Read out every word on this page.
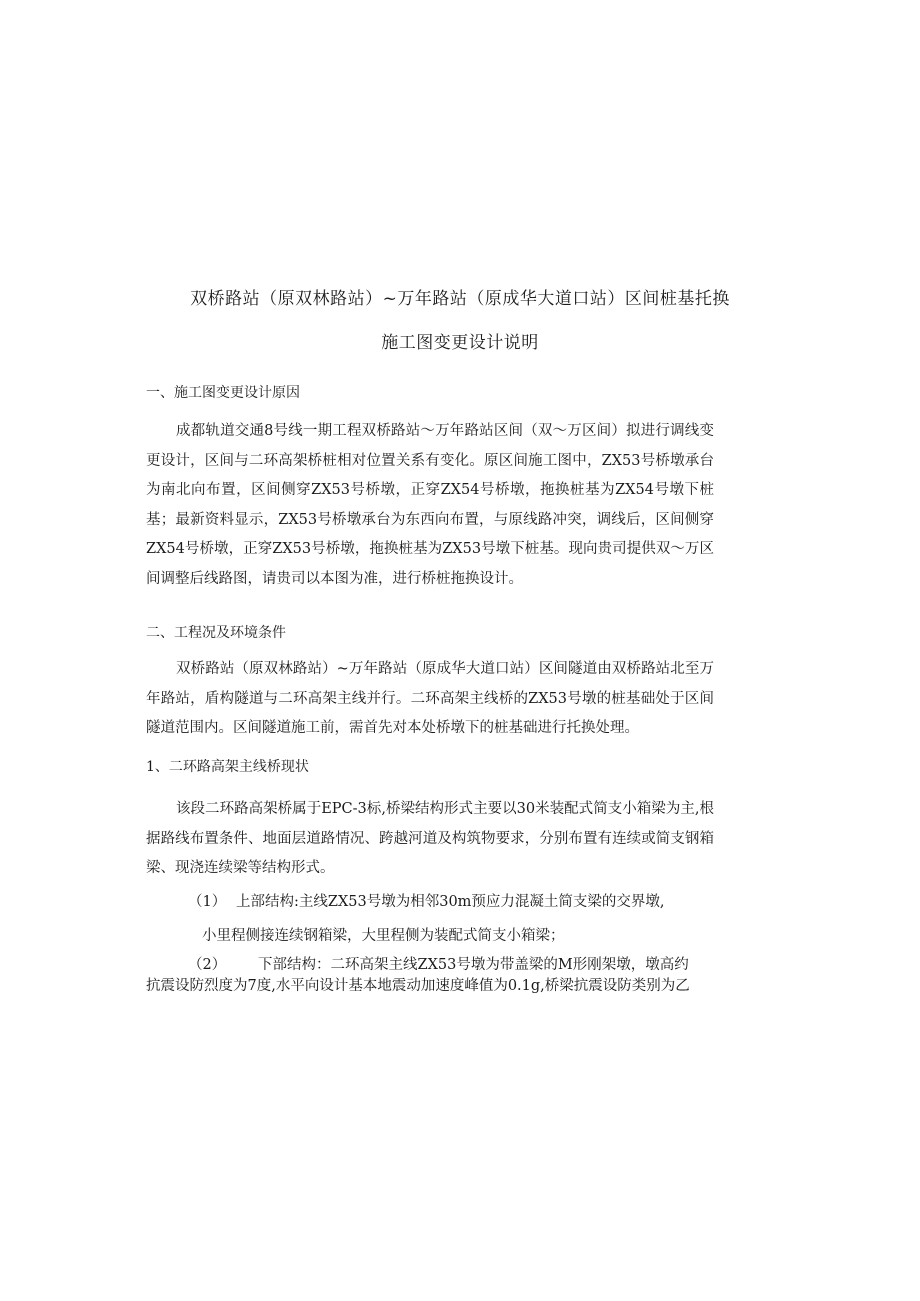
双桥路站（原双林路站）~万年路站（原成华大道口站）区间桩基托换
施工图变更设计说明
一、施工图变更设计原因
成都轨道交通8号线一期工程双桥路站～万年路站区间（双～万区间）拟进行调线变更设计，区间与二环高架桥桩相对位置关系有变化。原区间施工图中，ZX53号桥墩承台为南北向布置，区间侧穿ZX53号桥墩，正穿ZX54号桥墩，拖换桩基为ZX54号墩下桩基；最新资料显示，ZX53号桥墩承台为东西向布置，与原线路冲突，调线后，区间侧穿ZX54号桥墩，正穿ZX53号桥墩，拖换桩基为ZX53号墩下桩基。现向贵司提供双～万区间调整后线路图，请贵司以本图为准，进行桥桩拖换设计。
二、工程况及环境条件
双桥路站（原双林路站）~万年路站（原成华大道口站）区间隧道由双桥路站北至万年路站，盾构隧道与二环高架主线并行。二环高架主线桥的ZX53号墩的桩基础处于区间隧道范围内。区间隧道施工前，需首先对本处桥墩下的桩基础进行托换处理。
1、二环路高架主线桥现状
该段二环路高架桥属于EPC-3标,桥梁结构形式主要以30米装配式简支小箱梁为主,根据路线布置条件、地面层道路情况、跨越河道及构筑物要求，分别布置有连续或简支钢箱梁、现浇连续梁等结构形式。
（1） 上部结构:主线ZX53号墩为相邻30m预应力混凝土简支梁的交界墩,
小里程侧接连续钢箱梁，大里程侧为装配式简支小箱梁；
（2） 下部结构：二环高架主线ZX53号墩为带盖梁的M形刚架墩，墩高约
抗震设防烈度为7度,水平向设计基本地震动加速度峰值为0.1g,桥梁抗震设防类别为乙
